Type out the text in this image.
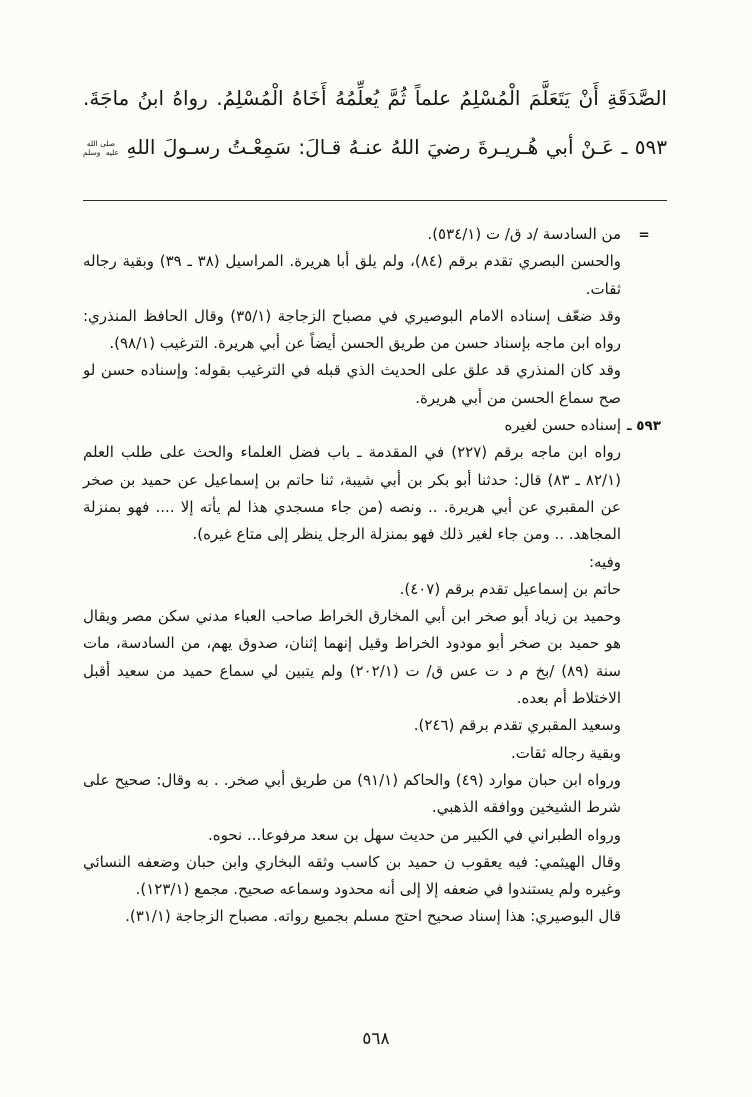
الصَّدَقَةِ أَنْ يَتَعَلَّمَ الْمُسْلِمُ علماً ثُمَّ يُعلِّمُهُ أَخَاهُ الْمُسْلِمُ. رواهُ ابنُ ماجَةَ.

٥٩٣ ـ عَـنْ أبي هُـريـرةَ رضيَ اللهُ عنـهُ قـالَ: سَمِعْـتُ رسـولَ اللهِ صلى الله عليه وسلم

=
من السادسة /د ق/ ت (٥٣٤/١).
والحسن البصري تقدم برقم (٨٤)، ولم يلق أبا هريرة. المراسيل (٣٨ ـ ٣٩) وبقية رجاله ثقات.
وقد ضعّف إسناده الامام البوصيري في مصباح الزجاجة (٣٥/١) وقال الحافظ المنذري: رواه ابن ماجه بإسناد حسن من طريق الحسن أيضاً عن أبي هريرة. الترغيب (٩٨/١).
وقد كان المنذري قد علق على الحديث الذي قبله في الترغيب بقوله: وإسناده حسن لو صح سماع الحسن من أبي هريرة.
٥٩٣ ـ
إسناده حسن لغيره
رواه ابن ماجه برقم (٢٢٧) في المقدمة ـ باب فضل العلماء والحث على طلب العلم (٨٢/١ ـ ٨٣) قال: حدثنا أبو بكر بن أبي شيبة، ثنا حاتم بن إسماعيل عن حميد بن صخر عن المقبري عن أبي هريرة. .. ونصه (من جاء مسجدي هذا لم يأته إلا .... فهو بمنزلة المجاهد. .. ومن جاء لغير ذلك فهو بمنزلة الرجل ينظر إلى متاع غيره).
وفيه:
حاتم بن إسماعيل تقدم برقم (٤٠٧).
وحميد بن زياد أبو صخر ابن أبي المخارق الخراط صاحب العباء مدني سكن مصر ويقال هو حميد بن صخر أبو مودود الخراط وقيل إنهما إثنان، صدوق يهم، من السادسة، مات سنة (٨٩) /بخ م د ت عس ق/ ت (٢٠٢/١) ولم يتبين لي سماع حميد من سعيد أقبل الاختلاط أم بعده.
وسعيد المقبري تقدم برقم (٢٤٦).
وبقية رجاله ثقات.
ورواه ابن حبان موارد (٤٩) والحاكم (٩١/١) من طريق أبي صخر. . به وقال: صحيح على شرط الشيخين ووافقه الذهبي.
ورواه الطبراني في الكبير من حديث سهل بن سعد مرفوعا... نحوه.
وقال الهيثمي: فيه يعقوب ن حميد بن كاسب وثقه البخاري وابن حبان وضعفه النسائي وغيره ولم يستندوا في ضعفه إلا إلى أنه محدود وسماعه صحيح. مجمع (١٢٣/١).
قال البوصيري: هذا إسناد صحيح احتج مسلم بجميع رواته. مصباح الزجاجة (٣١/١).
٥٦٨
